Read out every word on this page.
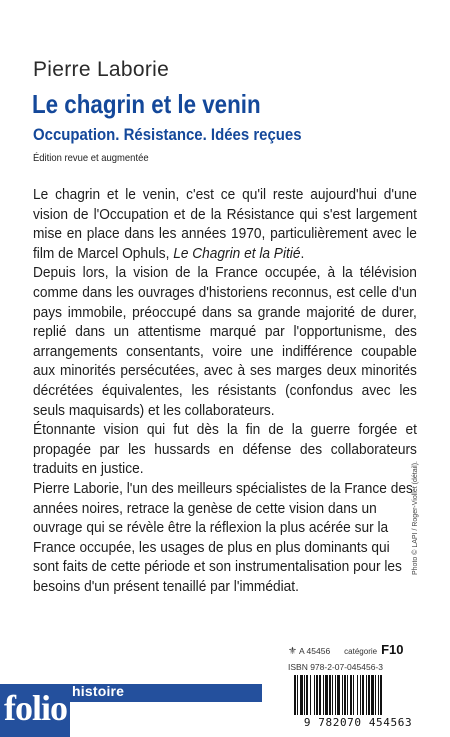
Pierre Laborie
Le chagrin et le venin
Occupation. Résistance. Idées reçues
Édition revue et augmentée

Le chagrin et le venin, c'est ce qu'il reste aujourd'hui d'une vision de l'Occupation et de la Résistance qui s'est largement mise en place dans les années 1970, particulièrement avec le film de Marcel Ophuls, Le Chagrin et la Pitié.

Depuis lors, la vision de la France occupée, à la télévision comme dans les ouvrages d'historiens reconnus, est celle d'un pays immobile, préoccupé dans sa grande majorité de durer, replié dans un attentisme marqué par l'opportunisme, des arrangements consentants, voire une indifférence coupable aux minorités persécutées, avec à ses marges deux minorités décrétées équivalentes, les résistants (confondus avec les seuls maquisards) et les collaborateurs.

Étonnante vision qui fut dès la fin de la guerre forgée et propagée par les hussards en défense des collaborateurs traduits en justice.

Pierre Laborie, l'un des meilleurs spécialistes de la France des années noires, retrace la genèse de cette vision dans un ouvrage qui se révèle être la réflexion la plus acérée sur la France occupée, les usages de plus en plus dominants qui sont faits de cette période et son instrumentalisation pour les besoins d'un présent tenaillé par l'immédiat.

Photo © LAPI / Roger-Viollet (détail).
⚜ A 45456 catégorie F10
ISBN 978-2-07-045456-3
9 782070 454563
folio histoire
